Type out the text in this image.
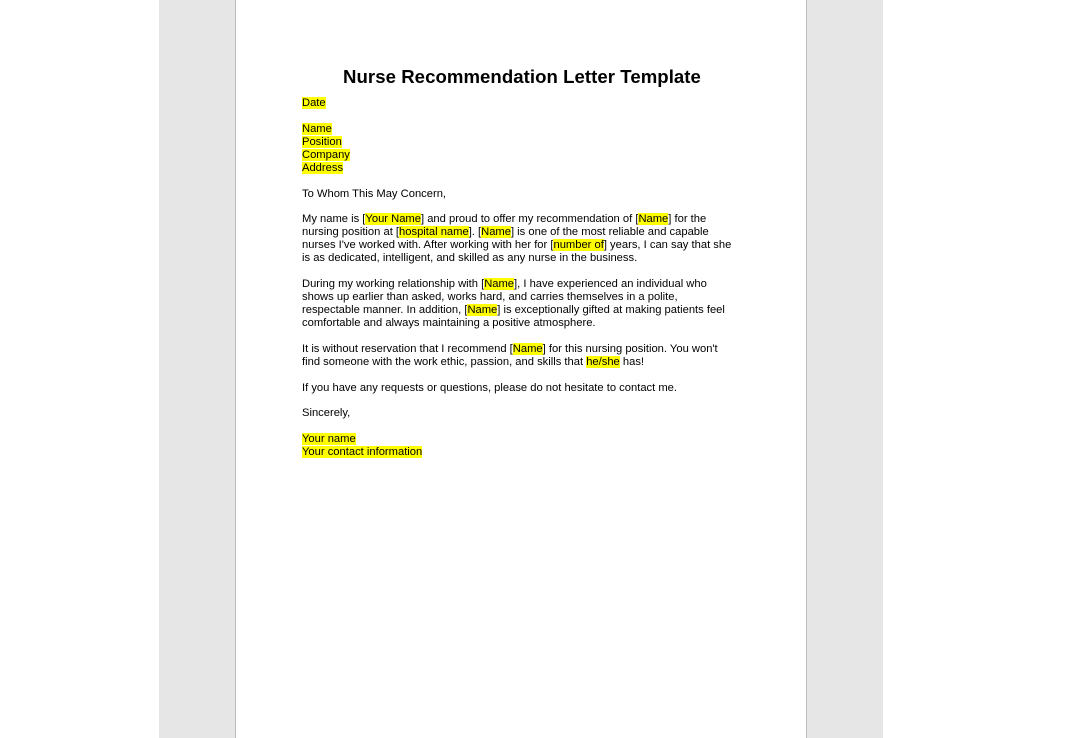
Nurse Recommendation Letter Template
Date
Name
Position
Company
Address
To Whom This May Concern,
My name is [Your Name] and proud to offer my recommendation of [Name] for the
nursing position at [hospital name]. [Name] is one of the most reliable and capable
nurses I've worked with. After working with her for [number of] years, I can say that she
is as dedicated, intelligent, and skilled as any nurse in the business.
During my working relationship with [Name], I have experienced an individual who
shows up earlier than asked, works hard, and carries themselves in a polite,
respectable manner. In addition, [Name] is exceptionally gifted at making patients feel
comfortable and always maintaining a positive atmosphere.
It is without reservation that I recommend [Name] for this nursing position. You won't
find someone with the work ethic, passion, and skills that he/she has!
If you have any requests or questions, please do not hesitate to contact me.
Sincerely,
Your name
Your contact information
